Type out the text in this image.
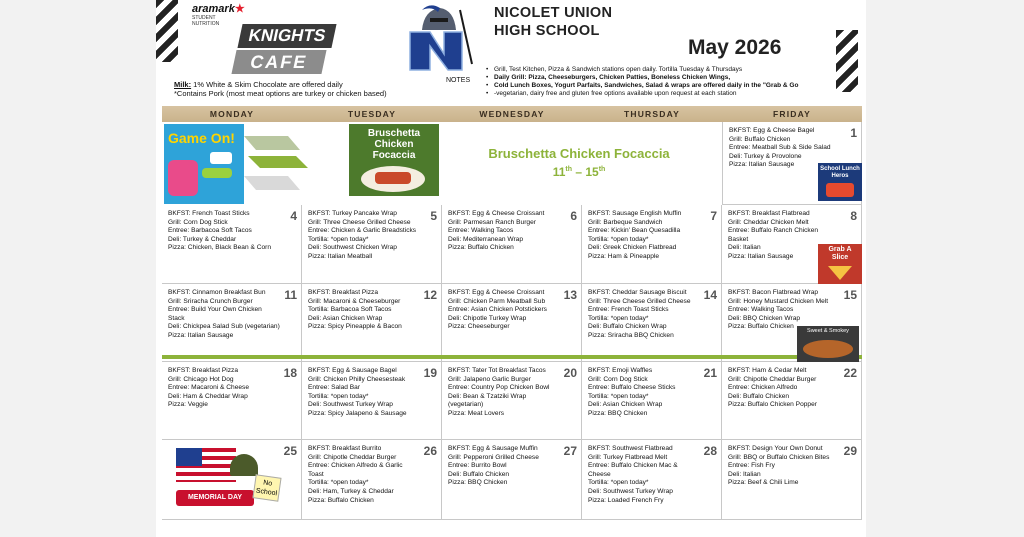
aramark★
STUDENT
NUTRITION
KNIGHTS
CAFE
Milk: 1% White & Skim Chocolate are offered daily
*Contains Pork (most meat options are turkey or chicken based)
NICOLET UNION
HIGH SCHOOL
May 2026
NOTES
• Grill, Test Kitchen, Pizza & Sandwich stations open daily. Tortilla Tuesday & Thursdays
• Daily Grill: Pizza, Cheeseburgers, Chicken Patties, Boneless Chicken Wings,
• Cold Lunch Boxes, Yogurt Parfaits, Sandwiches, Salad & wraps are offered daily in the "Grab & Go
• -vegetarian, dairy free and gluten free options available upon request at each station
MONDAY	TUESDAY	WEDNESDAY	THURSDAY	FRIDAY
Game On!	Bruschetta
Chicken
Focaccia	Bruschetta Chicken Focaccia
11th – 15th
1
BKFST: Egg & Cheese Bagel
Grill: Buffalo Chicken
Entree: Meatball Sub & Side Salad
Deli: Turkey & Provolone
Pizza: Italian Sausage
4
BKFST: French Toast Sticks
Grill: Corn Dog Stick
Entree: Barbacoa Soft Tacos
Deli: Turkey & Cheddar
Pizza: Chicken, Black Bean & Corn
5
BKFST: Turkey Pancake Wrap
Grill: Three Cheese Grilled Cheese
Entree: Chicken & Garlic Breadsticks
Tortilla: *open today*
Deli: Southwest Chicken Wrap
Pizza: Italian Meatball
6
BKFST: Egg & Cheese Croissant
Grill: Parmesan Ranch Burger
Entree: Walking Tacos
Deli: Mediterranean Wrap
Pizza: Buffalo Chicken
7
BKFST: Sausage English Muffin
Grill: Barbeque Sandwich
Entree: Kickin' Bean Quesadilla
Tortilla: *open today*
Deli: Greek Chicken Flatbread
Pizza: Ham & Pineapple
8
BKFST: Breakfast Flatbread
Grill: Cheddar Chicken Melt
Entree: Buffalo Ranch Chicken Basket
Deli: Italian
Pizza: Italian Sausage
11
BKFST: Cinnamon Breakfast Bun
Grill: Sriracha Crunch Burger
Entree: Build Your Own Chicken Stack
Deli: Chickpea Salad Sub (vegetarian)
Pizza: Italian Sausage
12
BKFST: Breakfast Pizza
Grill: Macaroni & Cheeseburger
Tortilla: Barbacoa Soft Tacos
Deli: Asian Chicken Wrap
Pizza: Spicy Pineapple & Bacon
13
BKFST: Egg & Cheese Croissant
Grill: Chicken Parm Meatball Sub
Entree: Asian Chicken Potstickers
Deli: Chipotle Turkey Wrap
Pizza: Cheeseburger
14
BKFST: Cheddar Sausage Biscuit
Grill: Three Cheese Grilled Cheese
Entree: French Toast Sticks
Tortilla: *open today*
Deli: Buffalo Chicken Wrap
Pizza: Sriracha BBQ Chicken
15
BKFST: Bacon Flatbread Wrap
Grill: Honey Mustard Chicken Melt
Entree: Walking Tacos
Deli: BBQ Chicken Wrap
Pizza: Buffalo Chicken
18
BKFST: Breakfast Pizza
Grill: Chicago Hot Dog
Entree: Macaroni & Cheese
Deli: Ham & Cheddar Wrap
Pizza: Veggie
19
BKFST: Egg & Sausage Bagel
Grill: Chicken Philly Cheesesteak
Entree: Salad Bar
Tortilla: *open today*
Deli: Southwest Turkey Wrap
Pizza: Spicy Jalapeno & Sausage
20
BKFST: Tater Tot Breakfast Tacos
Grill: Jalapeno Garlic Burger
Entree: Country Pop Chicken Bowl
Deli: Bean & Tzatziki Wrap (vegetarian)
Pizza: Meat Lovers
21
BKFST: Emoji Waffles
Grill: Corn Dog Stick
Entree: Buffalo Cheese Sticks
Tortilla: *open today*
Deli: Asian Chicken Wrap
Pizza: BBQ Chicken
22
BKFST: Ham & Cedar Melt
Grill: Chipotle Cheddar Burger
Entree: Chicken Alfredo
Deli: Buffalo Chicken
Pizza: Buffalo Chicken Popper
25	26
BKFST: Breakfast Burrito
Grill: Chipotle Cheddar Burger
Entree: Chicken Alfredo & Garlic Toast
Tortilla: *open today*
Deli: Ham, Turkey & Cheddar
Pizza: Buffalo Chicken
27
BKFST: Egg & Sausage Muffin
Grill: Pepperoni Grilled Cheese
Entree: Burrito Bowl
Deli: Buffalo Chicken
Pizza: BBQ Chicken
28
BKFST: Southwest Flatbread
Grill: Turkey Flatbread Melt
Entree: Buffalo Chicken Mac & Cheese
Tortilla: *open today*
Deli: Southwest Turkey Wrap
Pizza: Loaded French Fry
29
BKFST: Design Your Own Donut
Grill: BBQ or Buffalo Chicken Bites
Entree: Fish Fry
Deli: Italian
Pizza: Beef & Chili Lime
School Lunch
Heros
Grab A
Slice
Sweet & Smokey
MEMORIAL DAY
No
School
